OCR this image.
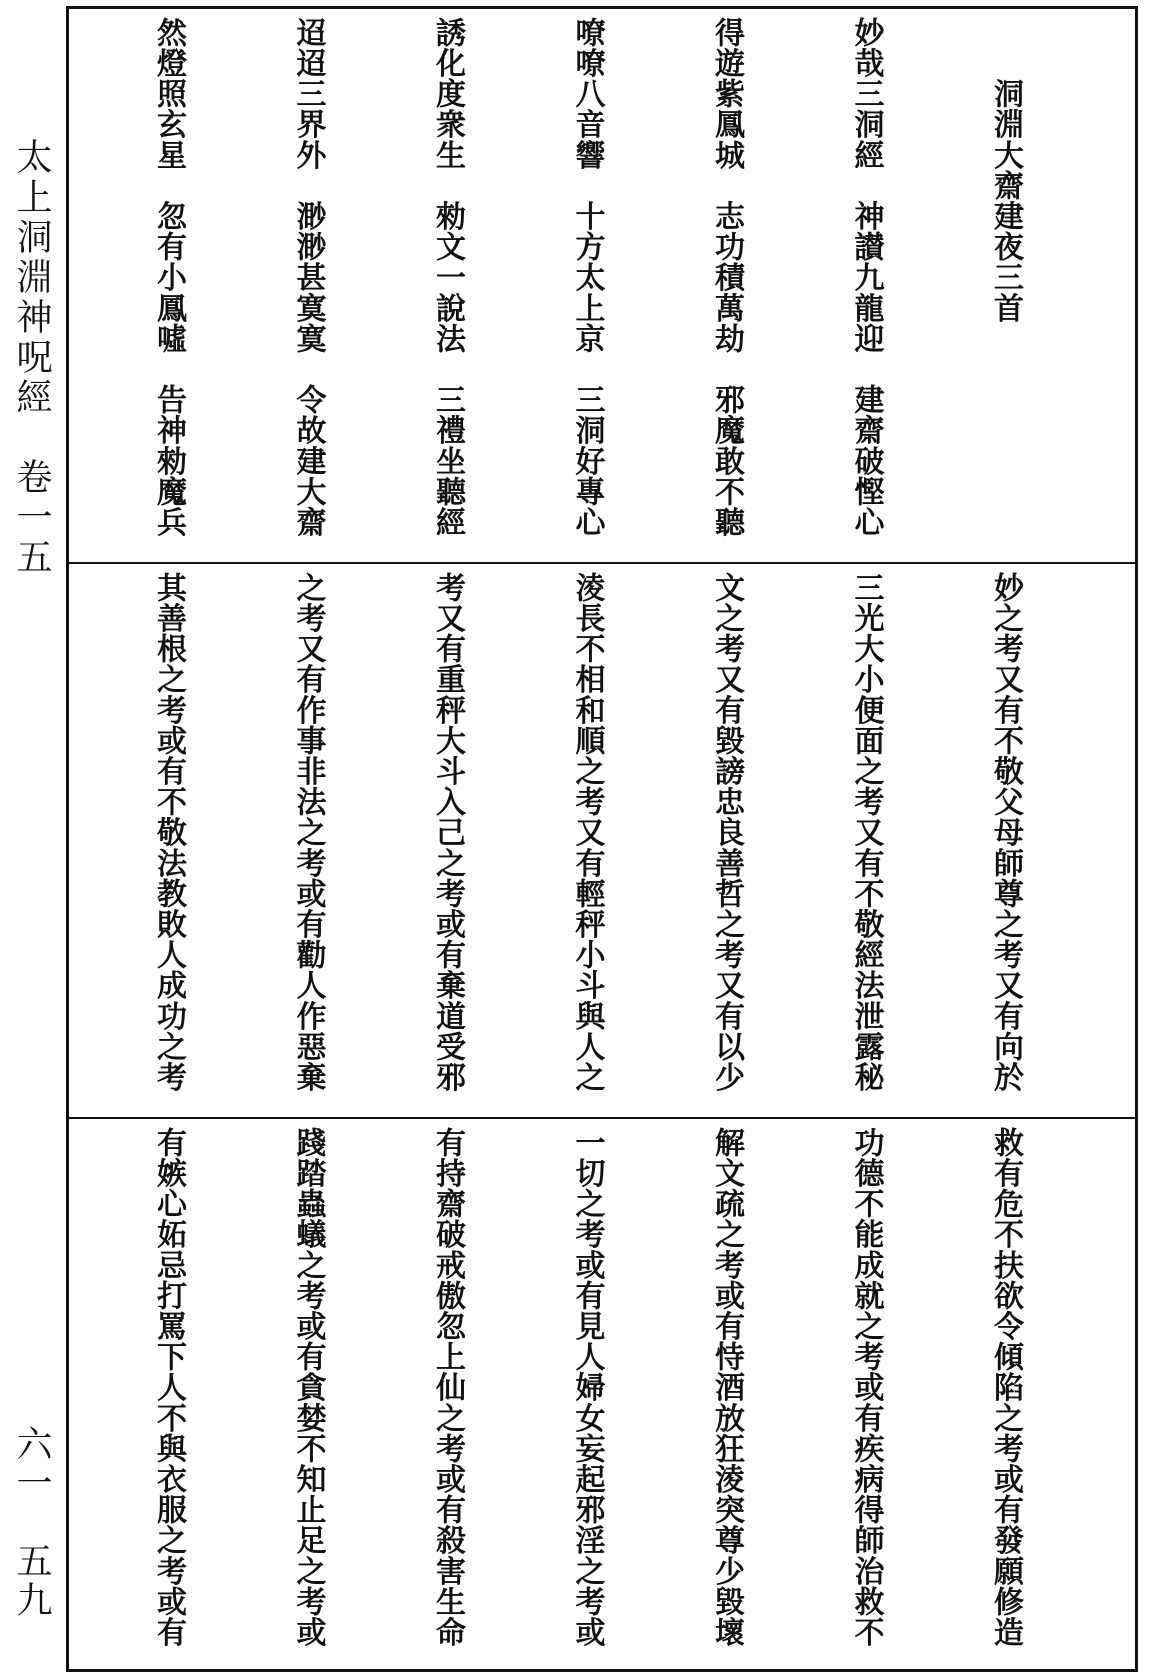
太上洞淵神呪經　卷一五
六一　五九

　　洞淵大齋建夜三首

妙哉三洞經　神讃九龍迎　建齋破慳心

得遊紫鳳城　志功積萬劫　邪魔敢不聽

嘹嘹八音響　十方太上京　三洞好專心

誘化度衆生　勑文一說法　三禮坐聽經

迢迢三界外　渺渺甚寞寞　令故建大齋

然燈照玄星　忽有小鳳噓　告神勑魔兵

妙之考又有不敬父母師尊之考又有向於

三光大小便面之考又有不敬經法泄露秘

文之考又有毀謗忠良善哲之考又有以少

淩長不相和順之考又有輕秤小斗與人之

考又有重秤大斗入己之考或有棄道受邪

之考又有作事非法之考或有勸人作惡棄

其善根之考或有不敬法教敗人成功之考

救有危不扶欲令傾陷之考或有發願修造

功德不能成就之考或有疾病得師治救不

解文疏之考或有恃酒放狂淩突尊少毀壞

一切之考或有見人婦女妄起邪淫之考或

有持齋破戒傲忽上仙之考或有殺害生命

踐踏蟲蟻之考或有貪婪不知止足之考或

有嫉心妬忌打罵下人不與衣服之考或有
